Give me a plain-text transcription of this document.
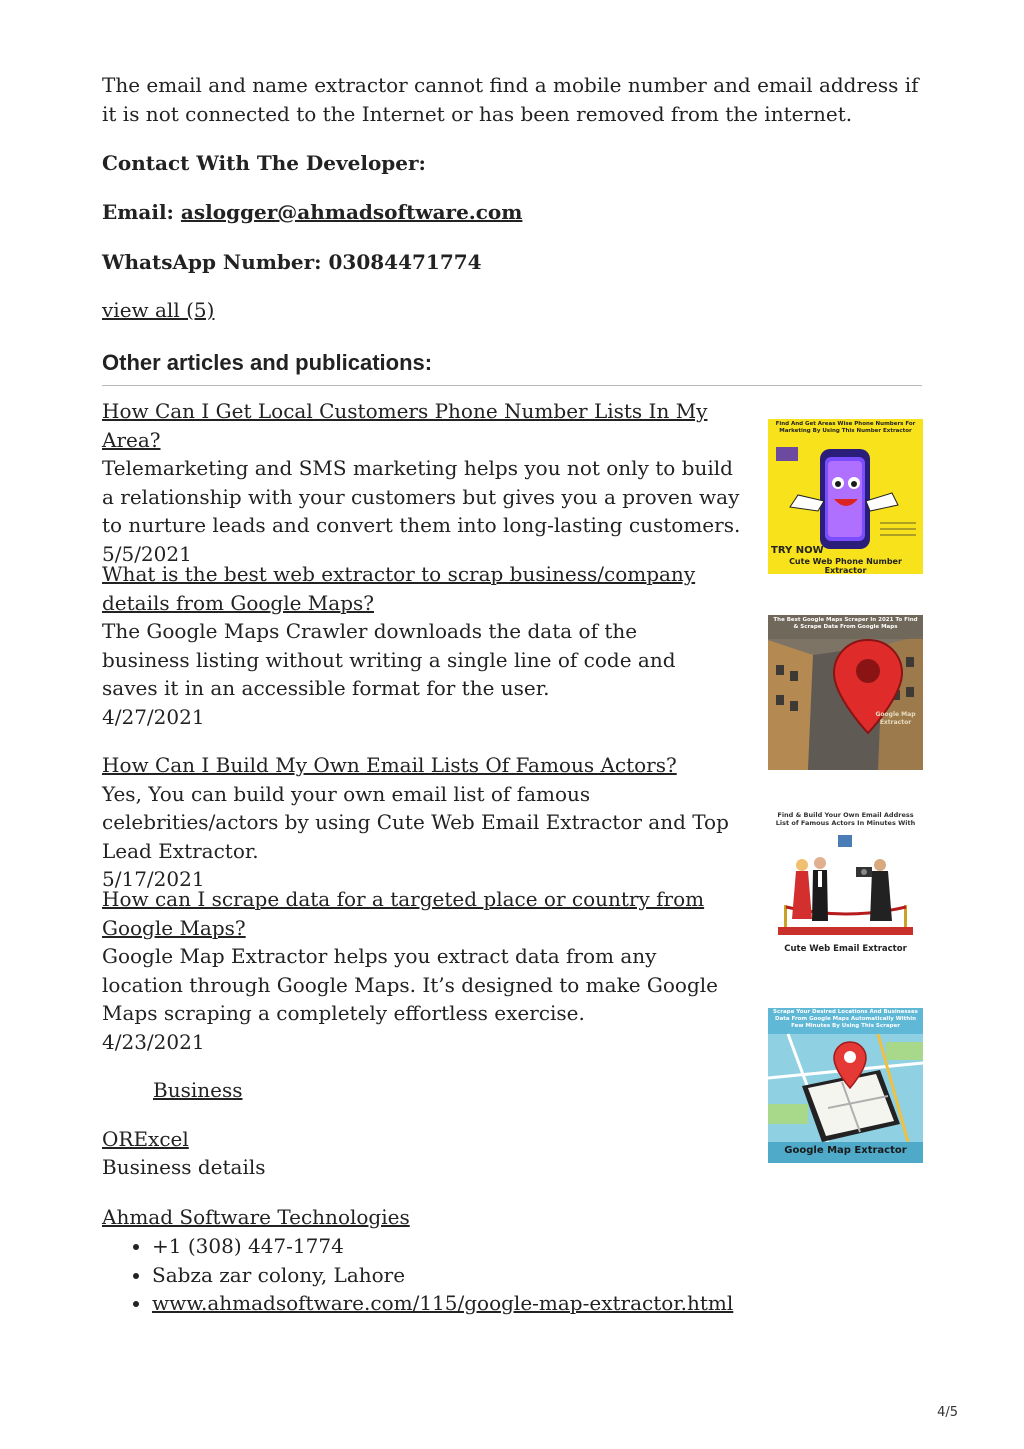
The email and name extractor cannot find a mobile number and email address if it is not connected to the Internet or has been removed from the internet.

Contact With The Developer:

Email: aslogger@ahmadsoftware.com

WhatsApp Number: 03084471774

view all (5)

Other articles and publications:

How Can I Get Local Customers Phone Number Lists In My Area?
Telemarketing and SMS marketing helps you not only to build a relationship with your customers but gives you a proven way to nurture leads and convert them into long-lasting customers.
5/5/2021
What is the best web extractor to scrap business/company details from Google Maps?
The Google Maps Crawler downloads the data of the business listing without writing a single line of code and saves it in an accessible format for the user.
4/27/2021
How Can I Build My Own Email Lists Of Famous Actors?
Yes, You can build your own email list of famous celebrities/actors by using Cute Web Email Extractor and Top Lead Extractor.
5/17/2021
How can I scrape data for a targeted place or country from Google Maps?
Google Map Extractor helps you extract data from any location through Google Maps. It’s designed to make Google Maps scraping a completely effortless exercise.
4/23/2021
Find And Get Areas Wise Phone Numbers For Marketing By Using This Number Extractor
TRY NOW
Cute Web Phone Number Extractor
The Best Google Maps Scraper In 2021 To Find & Scrape Data From Google Maps
Google Map Extractor
Find & Build Your Own Email Address List of Famous Actors In Minutes With
Cute Web Email Extractor
Scrape Your Desired Locations And Businesses Data From Google Maps Automatically Within Few Minutes By Using This Scraper
Google Map Extractor
Business
ORExcel

Business details

Ahmad Software Technologies
• +1 (308) 447-1774
• Sabza zar colony, Lahore
• www.ahmadsoftware.com/115/google-map-extractor.html
4/5
